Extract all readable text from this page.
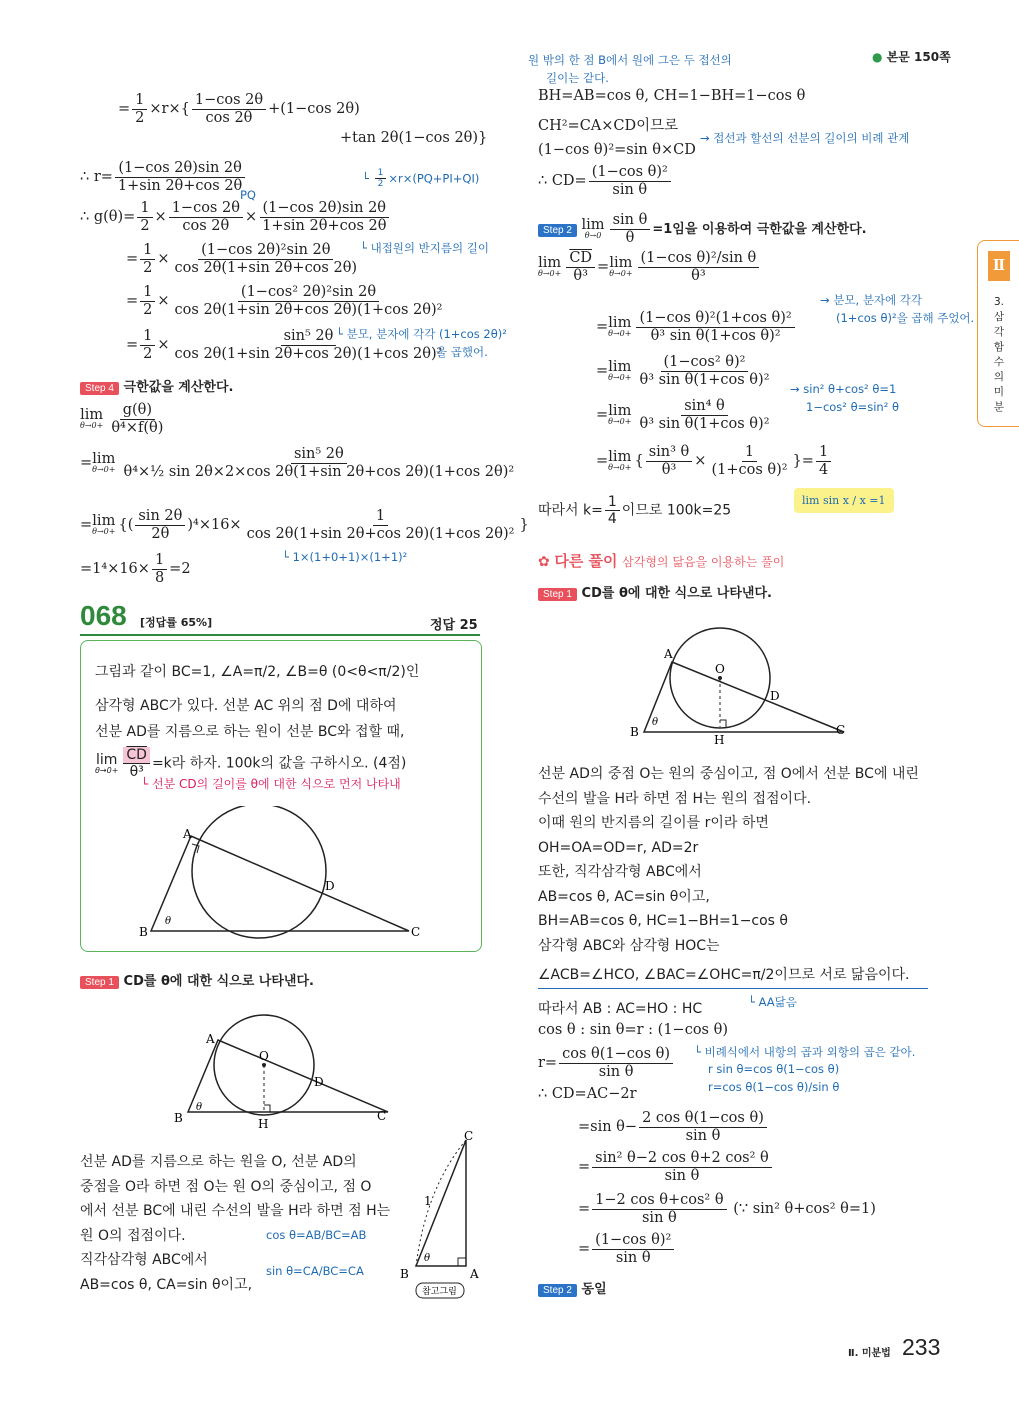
● 본문 150쪽
Ⅱ
3. 삼각함수의 미분
= $\frac{1}{2} \times r\times\{ \frac{1-\cos 2\theta}{\cos 2\theta} +(1-\cos$ 2θ)
+tan 2θ(1−cos 2θ)}
∴ $r= \frac{(1-\cos 2\theta)\sin 2\theta}{1+\sin 2\theta+\cos 2\theta}$	└ $\frac{1}{2} \times r\times(PQ+PI+QI)$
PQ
∴ $g(\theta)= \frac{1}{2} \times \frac{1-\cos 2\theta}{\cos 2\theta} \times \frac{(1-\cos 2\theta)\sin 2\theta}{1+\sin 2\theta+\cos 2\theta}$
= $\frac{1}{2} \times \frac{\text{(1−cos 2θ)²sin 2θ}}{\cos 2\theta(1+\sin 2\theta+\cos 2\theta)}$ └ 내접원의 반지름의 길이
= $\frac{1}{2} \times \frac{\text{(1−cos² 2θ)²sin 2θ}}{\text{cos 2θ(1+sin 2θ+cos 2θ)(1+cos 2θ)²}}$
= $\frac{1}{2} \times \frac{\text{sin⁵ 2θ}}{\text{cos 2θ(1+sin 2θ+cos 2θ)(1+cos 2θ)²}}$
└ 분모, 분자에 각각 (1+cos 2θ)²
을 곱했어.
Step 4 극한값을 계산한다.
lim
$\theta\to 0+ \frac{g(\theta)}{\text{θ⁴×f(θ)}}$
= lim
$\theta\to 0+ \frac{\text{sin⁵ 2θ}}{\text{θ⁴×½ sin 2θ×2×cos 2θ(1+sin 2θ+cos 2θ)(1+cos 2θ)²}}$
= lim
θ→0+ {( $\frac{\sin 2\theta}{2\theta} )^4\times 16\times \frac{1}{\text{cos 2θ(1+sin 2θ+cos 2θ)(1+cos 2θ)²}}$ }
└ 1×(1+0+1)×(1+1)²
$=1^4\times 16\times \frac{1}{8} =2$
068 [정답률 65%]	정답 25
그림과 같이 BC=1, ∠A=π/2, ∠B=θ (0<θ<π/2)인
삼각형 ABC가 있다. 선분 AC 위의 점 D에 대하여
선분 AD를 지름으로 하는 원이 선분 BC와 접할 때,
lim
$\theta\to 0+ \frac{\overline{CD}}{\text{θ³}} =k$라 하자. 100k의 값을 구하시오. (4점)
└ 선분 CD의 길이를 θ에 대한 식으로 먼저 나타내
A
B	C
D
θ
Step 1 CD를 θ에 대한 식으로 나타낸다.
A
B	C
D
O
H
θ
선분 AD를 지름으로 하는 원을 O, 선분 AD의
중점을 O라 하면 점 O는 원 O의 중심이고, 점 O
에서 선분 BC에 내린 수선의 발을 H라 하면 점 H는
원 O의 접점이다.
직각삼각형 ABC에서
AB=cos θ, CA=sin θ이고,
cos θ=AB/BC=AB
sin θ=CA/BC=CA
C
B	A
1
θ
참고그림
원 밖의 한 점 B에서 원에 그은 두 접선의
길이는 같다.
BH=AB=cos θ, CH=1−BH=1−cos θ
CH²=CA×CD이므로
→ 접선과 할선의 선분의 길이의 비례 관계
(1−cos θ)²=sin θ×CD
∴ $CD= \frac{\text{(1−cos θ)²}}{\text{sin θ}}$
Step 2 lim
$\theta\to 0 \frac{\text{sin θ}}{\theta} =1$임을 이용하여 극한값을 계산한다.
lim
$\theta\to 0+ \frac{\overline{CD}}{\text{θ³}} = \lim$
$\theta\to 0+ \frac{\text{(1−cos θ)²/sin θ}}{\text{θ³}}$
= lim
$\theta\to 0+ \frac{\text{(1−cos θ)²(1+cos θ)²}}{\text{θ³ sin θ(1+cos θ)²}}$
→ 분모, 분자에 각각
(1+cos θ)²을 곱해 주었어.
= lim
$\theta\to 0+ \frac{\text{(1−cos² θ)²}}{\text{θ³ sin θ(1+cos θ)²}}$
→ sin² θ+cos² θ=1
1−cos² θ=sin² θ
= lim
$\theta\to 0+ \frac{\text{sin⁴ θ}}{\text{θ³ sin θ(1+cos θ)²}}$
= lim
θ→0+ { $\frac{\text{sin³ θ}}{\text{θ³}} \times \frac{1}{\text{(1+cos θ)²}}$ }= $\frac{1}{4}$
따라서 $k= \frac{1}{4}$ 이므로 100k=25
lim sin x / x =1
✿ 다른 풀이 삼각형의 닮음을 이용하는 풀이
Step 1 CD를 θ에 대한 식으로 나타낸다.
A
B	C
D
O
H
θ
선분 AD의 중점 O는 원의 중심이고, 점 O에서 선분 BC에 내린
수선의 발을 H라 하면 점 H는 원의 접점이다.
이때 원의 반지름의 길이를 r이라 하면
OH=OA=OD=r, AD=2r
또한, 직각삼각형 ABC에서
AB=cos θ, AC=sin θ이고,
BH=AB=cos θ, HC=1−BH=1−cos θ
삼각형 ABC와 삼각형 HOC는
∠ACB=∠HCO, ∠BAC=∠OHC=π/2이므로 서로 닮음이다.
└ AA닮음
따라서 AB : AC=HO : HC
cos θ : sin θ=r : (1−cos θ)
└ 비례식에서 내항의 곱과 외항의 곱은 같아.
r sin θ=cos θ(1−cos θ)
r=cos θ(1−cos θ)/sin θ
$r= \frac{\text{cos θ(1−cos θ)}}{\text{sin θ}}$
∴ CD=AC−2r
=sin $\theta- \frac{\text{2 cos θ(1−cos θ)}}{\text{sin θ}}$
= $\frac{\text{sin² θ−2 cos θ+2 cos² θ}}{\text{sin θ}}$
= $\frac{\text{1−2 cos θ+cos² θ}}{\text{sin θ}}$ (∵ sin² θ+cos² θ=1)
= $\frac{\text{(1−cos θ)²}}{\text{sin θ}}$
Step 2 동일
Ⅱ. 미분법 233
